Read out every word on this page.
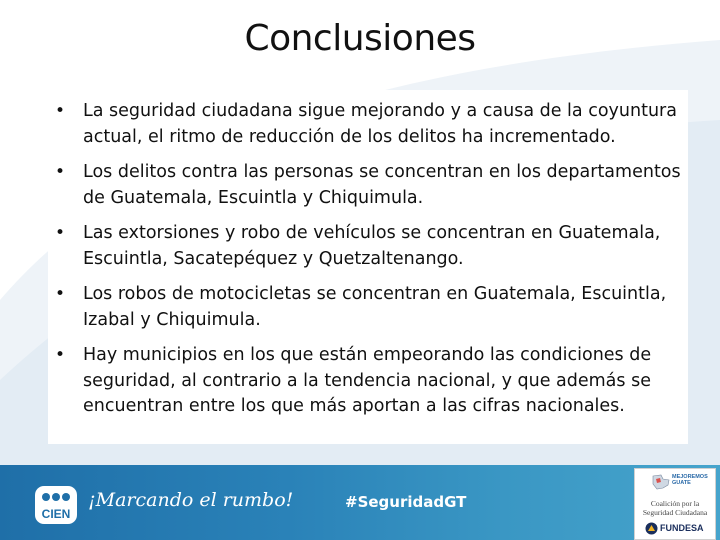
Conclusiones
• La seguridad ciudadana sigue mejorando y a causa de la coyuntura actual, el ritmo de reducción de los delitos ha incrementado.
• Los delitos contra las personas se concentran en los departamentos de Guatemala, Escuintla y Chiquimula.
• Las extorsiones y robo de vehículos se concentran en Guatemala, Escuintla, Sacatepéquez y Quetzaltenango.
• Los robos de motocicletas se concentran en Guatemala, Escuintla, Izabal y Chiquimula.
• Hay municipios en los que están empeorando las condiciones de seguridad, al contrario a la tendencia nacional, y que además se encuentran entre los que más aportan a las cifras nacionales.
CIEN
¡Marcando el rumbo!	#SeguridadGT
MEJOREMOS
GUATE
Coalición por la
Seguridad Ciudadana
FUNDESA
